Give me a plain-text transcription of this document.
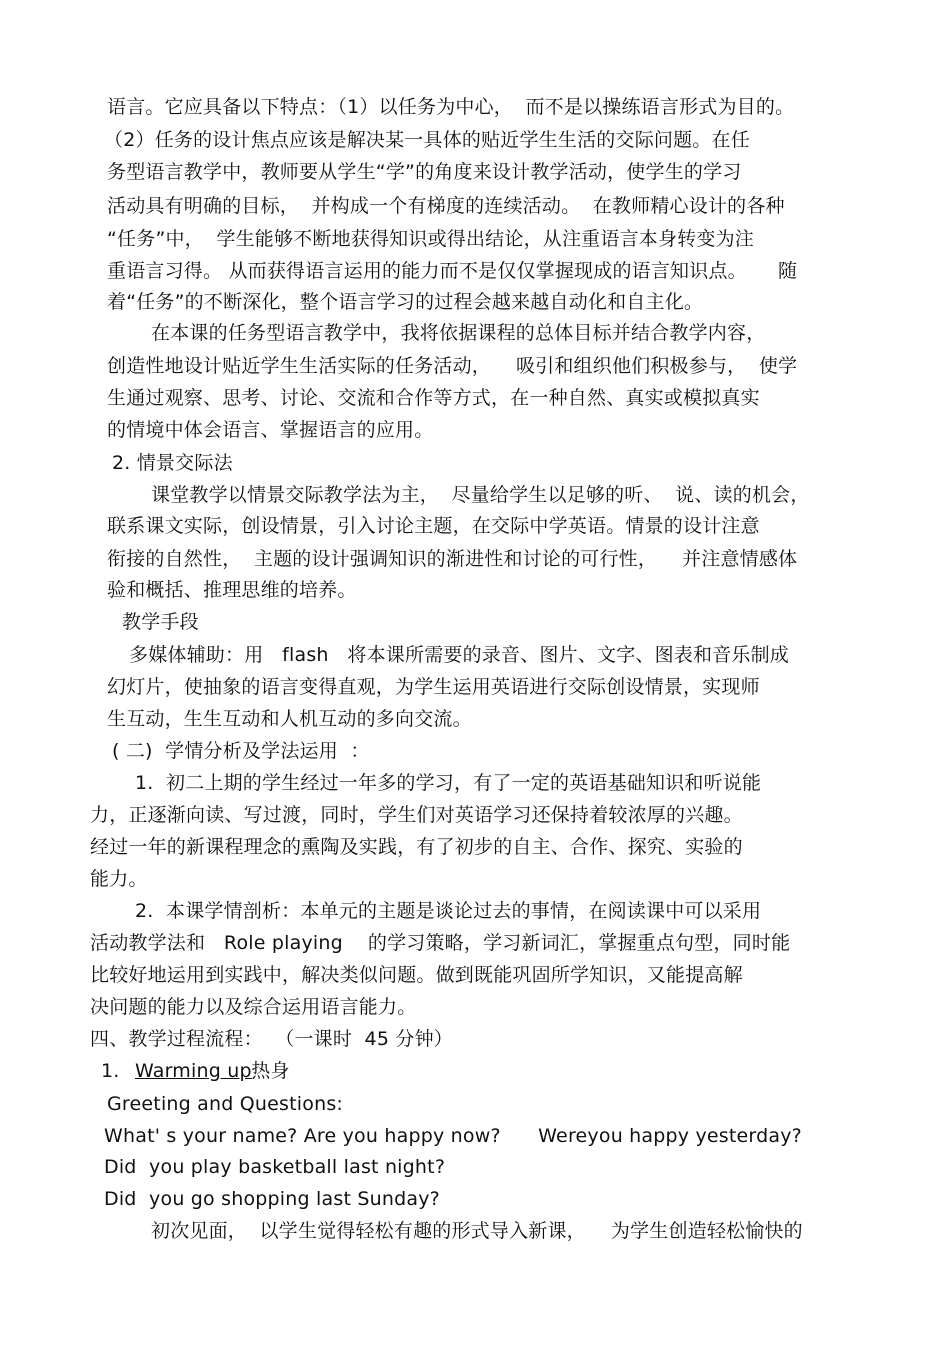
语言。它应具备以下特点：（1）以任务为中心，  而不是以操练语言形式为目的。
（2）任务的设计焦点应该是解决某一具体的贴近学生生活的交际问题。在任
务型语言教学中，教师要从学生“学”的角度来设计教学活动，使学生的学习
活动具有明确的目标，  并构成一个有梯度的连续活动。  在教师精心设计的各种
“任务”中，  学生能够不断地获得知识或得出结论，从注重语言本身转变为注
重语言习得。 从而获得语言运用的能力而不是仅仅掌握现成的语言知识点。     随
着“任务”的不断深化，整个语言学习的过程会越来越自动化和自主化。
在本课的任务型语言教学中，我将依据课程的总体目标并结合教学内容，
创造性地设计贴近学生生活实际的任务活动，    吸引和组织他们积极参与，  使学
生通过观察、思考、讨论、交流和合作等方式，在一种自然、真实或模拟真实
的情境中体会语言、掌握语言的应用。
2. 情景交际法
课堂教学以情景交际教学法为主，  尽量给学生以足够的听、  说、读的机会，
联系课文实际，创设情景，引入讨论主题，在交际中学英语。情景的设计注意
衔接的自然性，  主题的设计强调知识的渐进性和讨论的可行性，    并注意情感体
验和概括、推理思维的培养。
教学手段
多媒体辅助：用   flash   将本课所需要的录音、图片、文字、图表和音乐制成
幻灯片，使抽象的语言变得直观，为学生运用英语进行交际创设情景，实现师
生互动，生生互动和人机互动的多向交流。
( 二)  学情分析及学法运用  ：
1.  初二上期的学生经过一年多的学习，有了一定的英语基础知识和听说能
力，正逐渐向读、写过渡，同时，学生们对英语学习还保持着较浓厚的兴趣。
经过一年的新课程理念的熏陶及实践，有了初步的自主、合作、探究、实验的
能力。
2.  本课学情剖析：本单元的主题是谈论过去的事情，在阅读课中可以采用
活动教学法和   Role playing    的学习策略，学习新词汇，掌握重点句型，同时能
比较好地运用到实践中，解决类似问题。做到既能巩固所学知识，又能提高解
决问题的能力以及综合运用语言能力。
四、教学过程流程：  （一课时  45 分钟）
1. Warming up
热身
Greeting and Questions:
What' s your name? Are you happy now?      Wereyou happy yesterday?
Did  you play basketball last night?
Did  you go shopping last Sunday?
初次见面，  以学生觉得轻松有趣的形式导入新课，    为学生创造轻松愉快的
